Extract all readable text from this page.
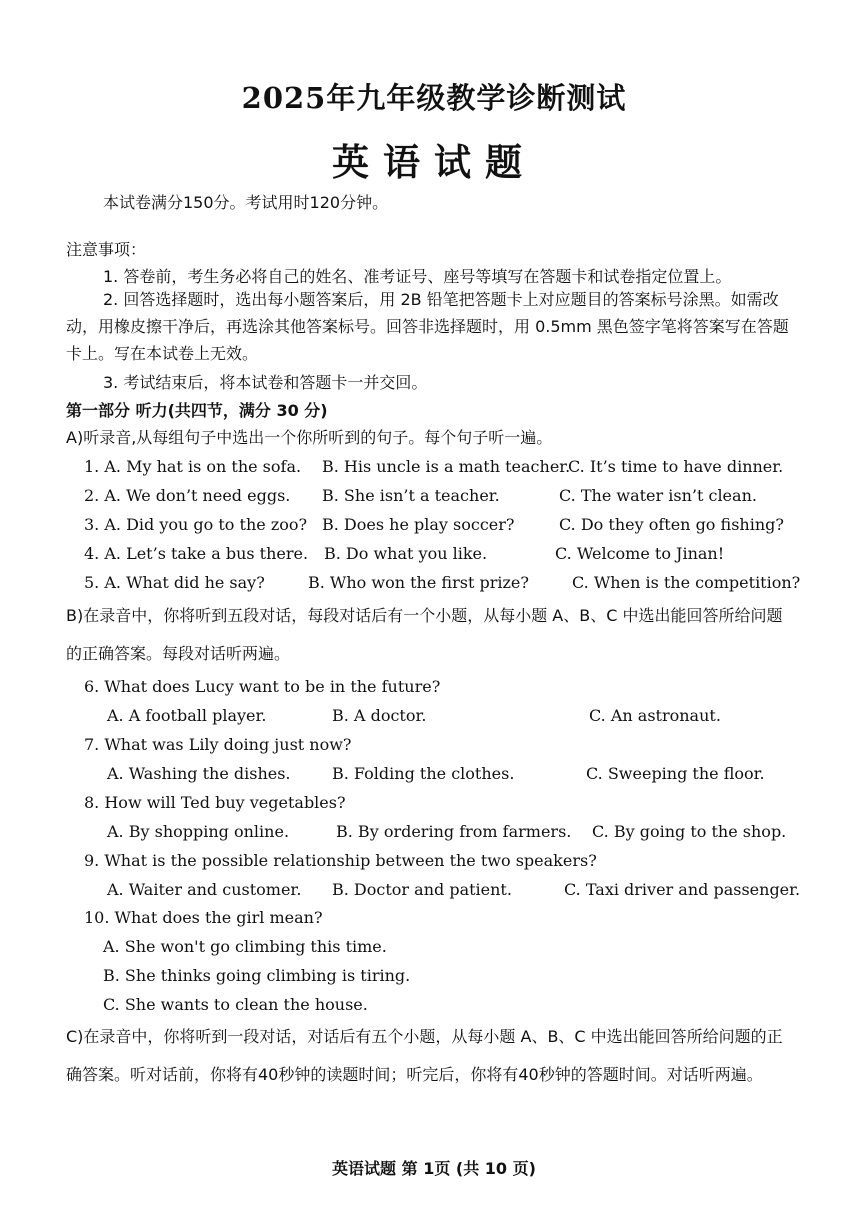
2025年九年级教学诊断测试
英语试题
本试卷满分150分。考试用时120分钟。
注意事项：
1. 答卷前，考生务必将自己的姓名、准考证号、座号等填写在答题卡和试卷指定位置上。
2. 回答选择题时，选出每小题答案后，用 2B 铅笔把答题卡上对应题目的答案标号涂黑。如需改动，用橡皮擦干净后，再选涂其他答案标号。回答非选择题时，用 0.5mm 黑色签字笔将答案写在答题卡上。写在本试卷上无效。
3. 考试结束后，将本试卷和答题卡一并交回。
第一部分 听力(共四节，满分 30 分)
A)听录音,从每组句子中选出一个你所听到的句子。每个句子听一遍。
1. A. My hat is on the sofa. B. His uncle is a math teacher.
C. It’s time to have dinner.
2. A. We don’t need eggs. B. She isn’t a teacher.	C. The water isn’t clean.
3. A. Did you go to the zoo? B. Does he play soccer?	C. Do they often go fishing?
4. A. Let’s take a bus there. B. Do what you like.	C. Welcome to Jinan!
5. A. What did he say?	B. Who won the first prize?	C. When is the competition?
B)在录音中，你将听到五段对话，每段对话后有一个小题，从每小题 A、B、C 中选出能回答所给问题的正确答案。每段对话听两遍。
6. What does Lucy want to be in the future?
A. A football player.	B. A doctor.	C. An astronaut.
7. What was Lily doing just now?
A. Washing the dishes.	B. Folding the clothes.	C. Sweeping the floor.
8. How will Ted buy vegetables?
A. By shopping online.	B. By ordering from farmers. C. By going to the shop.
9. What is the possible relationship between the two speakers?
A. Waiter and customer. B. Doctor and patient.	C. Taxi driver and passenger.
10. What does the girl mean?
A. She won't go climbing this time.
B. She thinks going climbing is tiring.
C. She wants to clean the house.
C)在录音中，你将听到一段对话，对话后有五个小题，从每小题 A、B、C 中选出能回答所给问题的正确答案。听对话前，你将有40秒钟的读题时间；听完后，你将有40秒钟的答题时间。对话听两遍。
英语试题 第 1页 (共 10 页)
